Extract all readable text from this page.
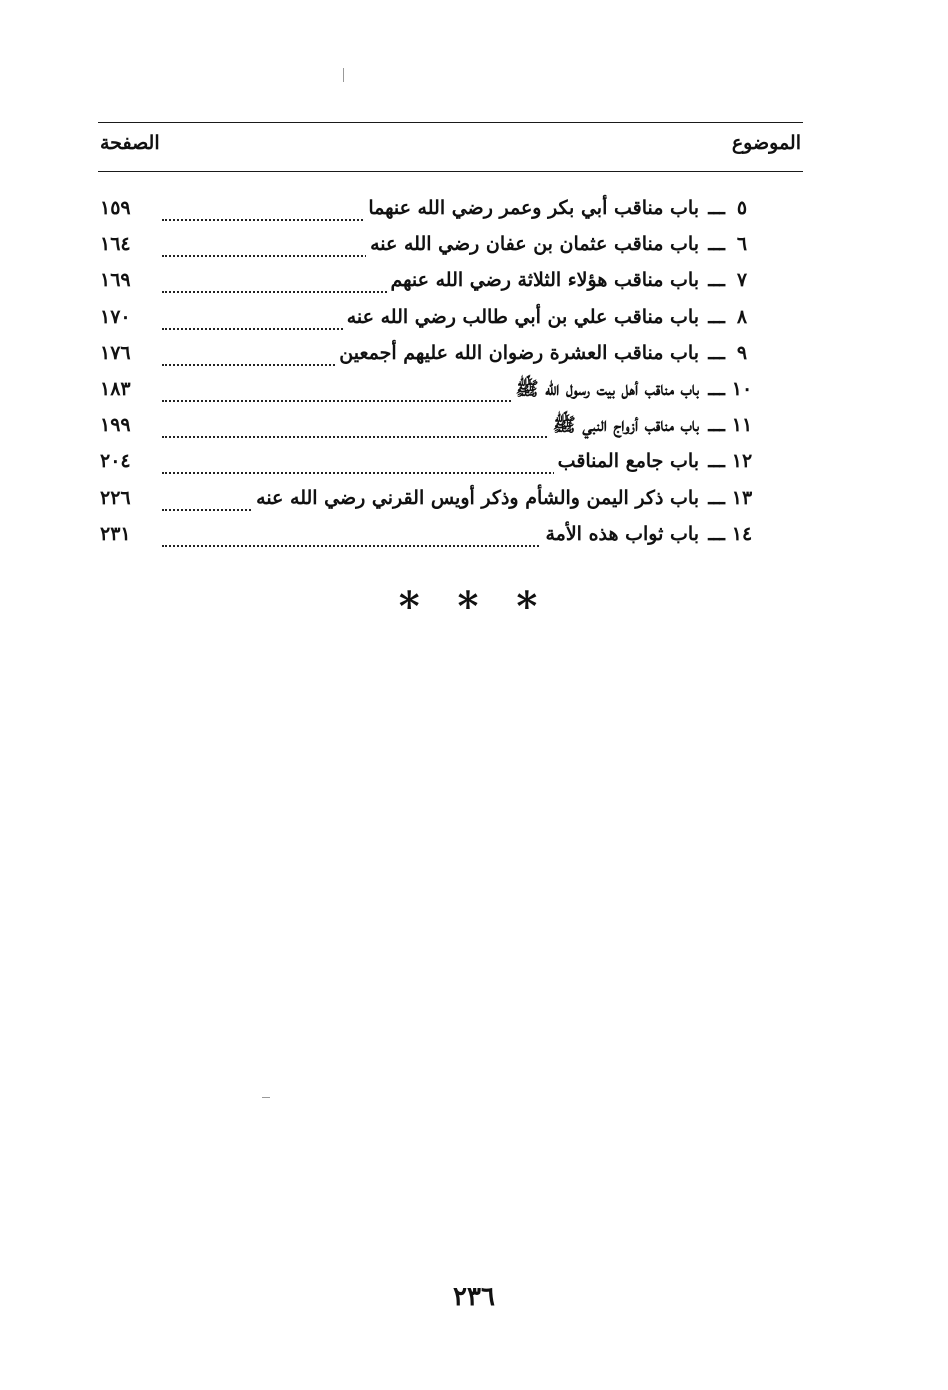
الموضوع
الصفحة
٥
ـــ
باب مناقب أبي بكر وعمر رضي الله عنهما
١٥٩
٦
ـــ
باب مناقب عثمان بن عفان رضي الله عنه
١٦٤
٧
ـــ
باب مناقب هؤلاء الثلاثة رضي الله عنهم
١٦٩
٨
ـــ
باب مناقب علي بن أبي طالب رضي الله عنه
١٧٠
٩
ـــ
باب مناقب العشرة رضوان الله عليهم أجمعين
١٧٦
١٠
ـــ
باب مناقب أهل بيت رسول الله ﷺ
١٨٣
١١
ـــ
باب مناقب أزواج النبي ﷺ
١٩٩
١٢
ـــ
باب جامع المناقب
٢٠٤
١٣
ـــ
باب ذكر اليمن والشأم وذكر أويس القرني رضي الله عنه
٢٢٦
١٤
ـــ
باب ثواب هذه الأمة
٢٣١
* * *
٢٣٦
